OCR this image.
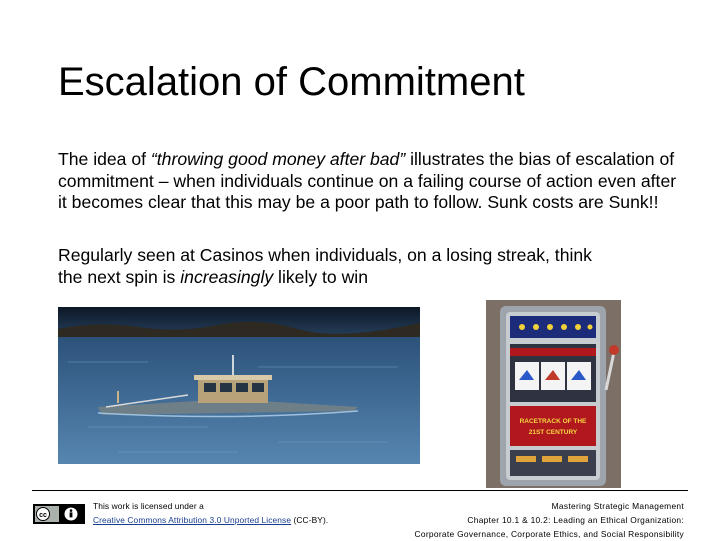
Escalation of Commitment
The idea of “throwing good money after bad” illustrates the bias of escalation of commitment – when individuals continue on a failing course of action even after it becomes clear that this may be a poor path to follow. Sunk costs are Sunk!!
Regularly seen at Casinos when individuals, on a losing streak, think
the next spin is increasingly likely to win
RACETRACK OF THE
21ST CENTURY
cc
This work is licensed under a
Creative Commons Attribution 3.0 Unported License (CC-BY).
Mastering Strategic Management
Chapter 10.1 & 10.2: Leading an Ethical Organization:
Corporate Governance, Corporate Ethics, and Social Responsibility
